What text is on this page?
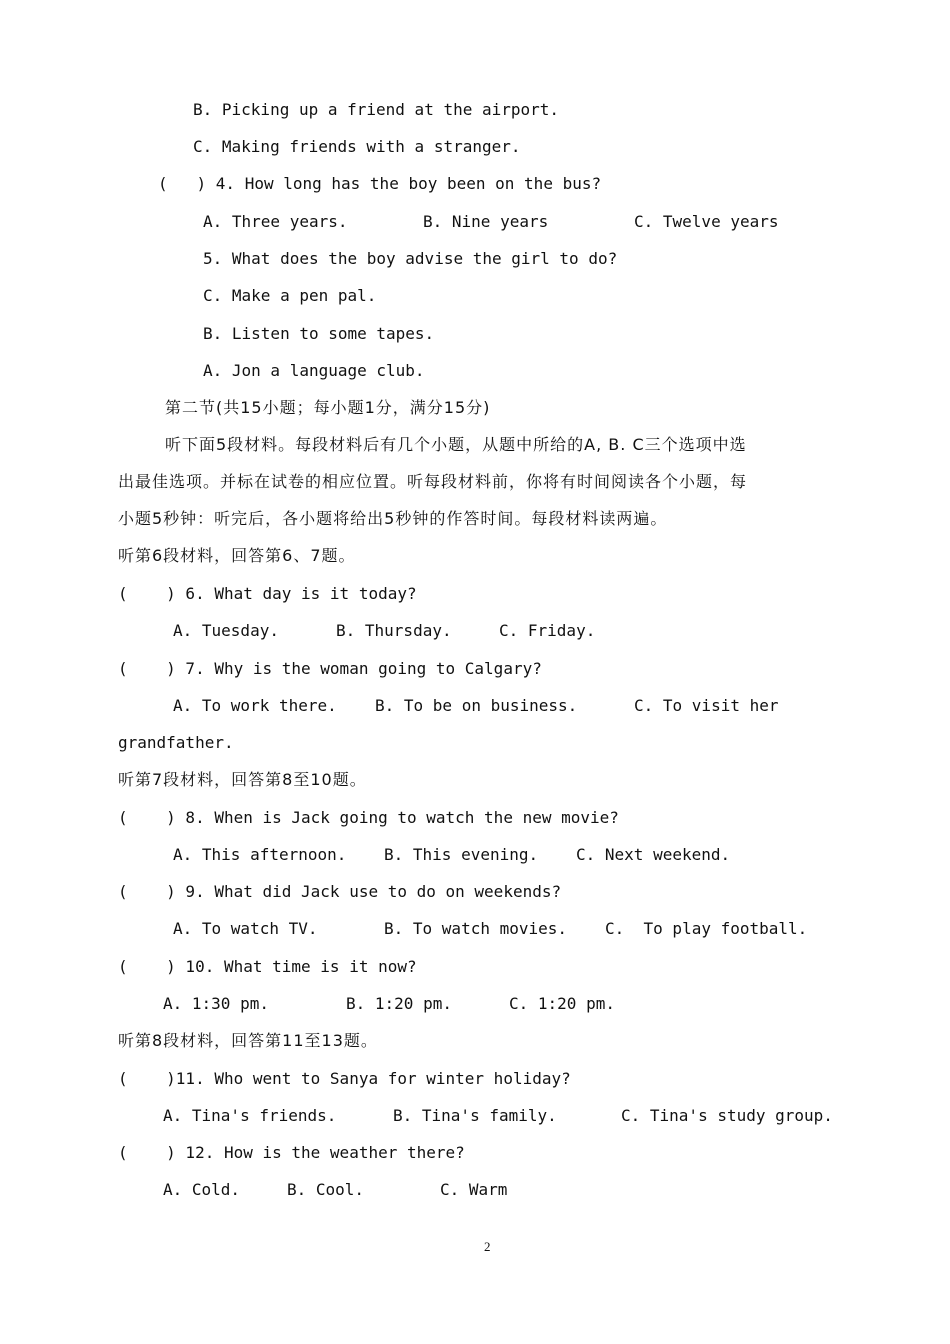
B. Picking up a friend at the airport.
C. Making friends with a stranger.
(   ) 4. How long has the boy been on the bus?
A. Three years.	B. Nine years	C. Twelve years
5. What does the boy advise the girl to do?
C. Make a pen pal.
B. Listen to some tapes.
A. Jon a language club.
第二节(共15小题；每小题1分，满分15分)
听下面5段材料。每段材料后有几个小题，从题中所给的A, B. C三个选项中选
出最佳选项。并标在试卷的相应位置。听每段材料前，你将有时间阅读各个小题，每
小题5秒钟：听完后，各小题将给出5秒钟的作答时间。每段材料读两遍。
听第6段材料，回答第6、7题。
(    ) 6. What day is it today?
A. Tuesday.	B. Thursday.	C. Friday.
(    ) 7. Why is the woman going to Calgary?
A. To work there. B. To be on business.	C. To visit her
grandfather.
听第7段材料，回答第8至10题。
(    ) 8. When is Jack going to watch the new movie?
A. This afternoon. B. This evening. C. Next weekend.
(    ) 9. What did Jack use to do on weekends?
A. To watch TV.	B. To watch movies. C.  To play football.
(    ) 10. What time is it now?
A. 1:30 pm.	B. 1:20 pm.	C. 1:20 pm.
听第8段材料，回答第11至13题。
(    )11. Who went to Sanya for winter holiday?
A. Tina's friends.	B. Tina's family.	C. Tina's study group.
(    ) 12. How is the weather there?
A. Cold.	B. Cool.	C. Warm
2
